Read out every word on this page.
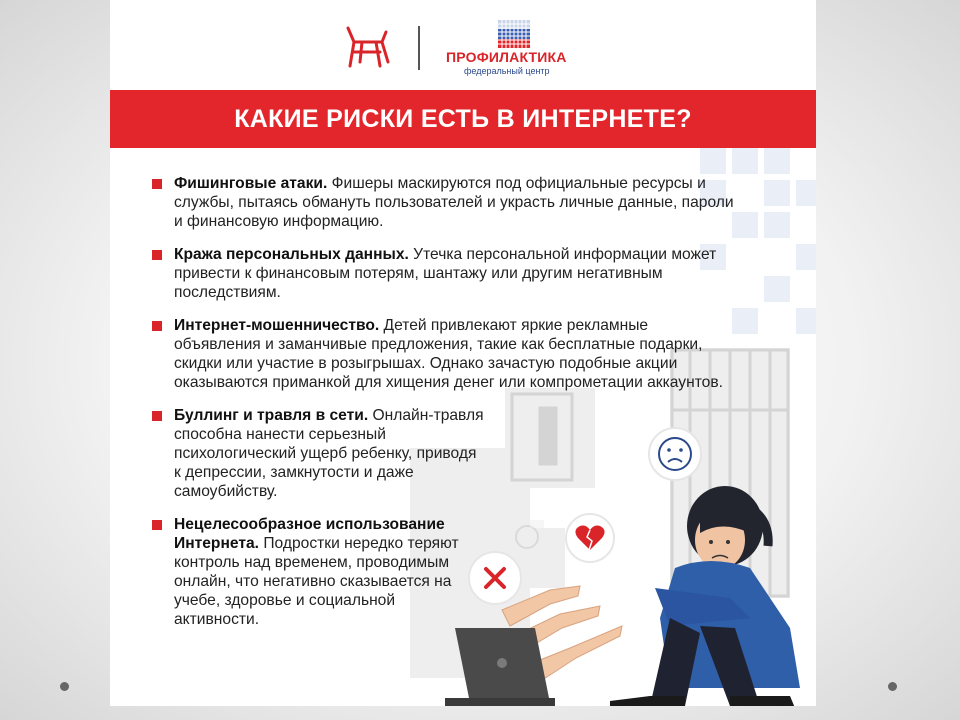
ПРОФИЛАКТИКА
федеральный центр
КАКИЕ РИСКИ ЕСТЬ В ИНТЕРНЕТЕ?
Фишинговые атаки. Фишеры маскируются под официальные ресурсы и службы, пытаясь обмануть пользователей и украсть личные данные, пароли и финансовую информацию.
Кража персональных данных. Утечка персональной информации может привести к финансовым потерям, шантажу или другим негативным последствиям.
Интернет-мошенничество. Детей привлекают яркие рекламные объявления и заманчивые предложения, такие как бесплатные подарки, скидки или участие в розыгрышах. Однако зачастую подобные акции оказываются приманкой для хищения денег или компрометации аккаунтов.
Буллинг и травля в сети. Онлайн-травля способна нанести серьезный психологический ущерб ребенку, приводя к депрессии, замкнутости и даже самоубийству.
Нецелесообразное использование Интернета. Подростки нередко теряют контроль над временем, проводимым онлайн, что негативно сказывается на учебе, здоровье и социальной активности.
